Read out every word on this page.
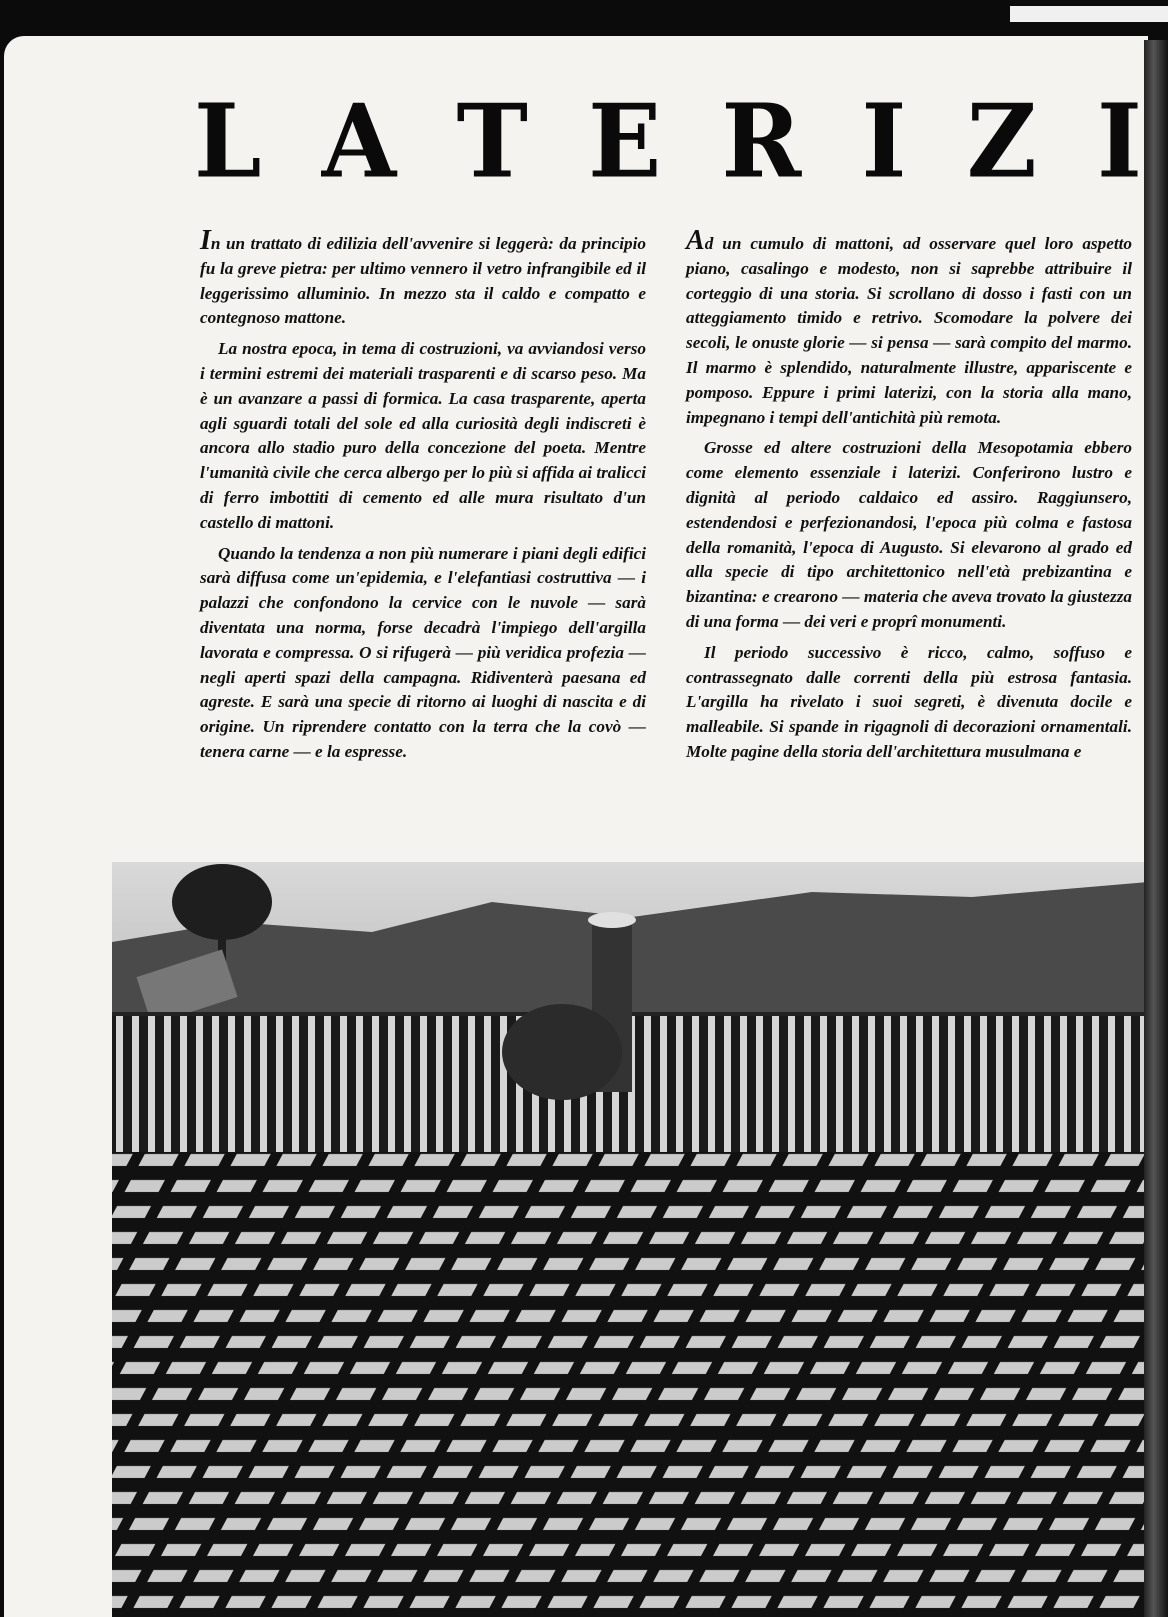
L A T E R I Z I

In un trattato di edilizia dell'avvenire si leggerà: da principio fu la greve pietra: per ultimo vennero il vetro infrangibile ed il leggerissimo alluminio. In mezzo sta il caldo e compatto e contegnoso mattone.

La nostra epoca, in tema di costruzioni, va avviandosi verso i termini estremi dei materiali trasparenti e di scarso peso. Ma è un avanzare a passi di formica. La casa trasparente, aperta agli sguardi totali del sole ed alla curiosità degli indiscreti è ancora allo stadio puro della concezione del poeta. Mentre l'umanità civile che cerca albergo per lo più si affida ai tralicci di ferro imbottiti di cemento ed alle mura risultato d'un castello di mattoni.

Quando la tendenza a non più numerare i piani degli edifici sarà diffusa come un'epidemia, e l'elefantiasi costruttiva — i palazzi che confondono la cervice con le nuvole — sarà diventata una norma, forse decadrà l'impiego dell'argilla lavorata e compressa. O si rifugerà — più veridica profezia — negli aperti spazi della campagna. Ridiventerà paesana ed agreste. E sarà una specie di ritorno ai luoghi di nascita e di origine. Un riprendere contatto con la terra che la covò — tenera carne — e la espresse.

Ad un cumulo di mattoni, ad osservare quel loro aspetto piano, casalingo e modesto, non si saprebbe attribuire il corteggio di una storia. Si scrollano di dosso i fasti con un atteggiamento timido e retrivo. Scomodare la polvere dei secoli, le onuste glorie — si pensa — sarà compito del marmo. Il marmo è splendido, naturalmente illustre, appariscente e pomposo. Eppure i primi laterizi, con la storia alla mano, impegnano i tempi dell'antichità più remota.

Grosse ed altere costruzioni della Mesopotamia ebbero come elemento essenziale i laterizi. Conferirono lustro e dignità al periodo caldaico ed assiro. Raggiunsero, estendendosi e perfezionandosi, l'epoca più colma e fastosa della romanità, l'epoca di Augusto. Si elevarono al grado ed alla specie di tipo architettonico nell'età prebizantina e bizantina: e crearono — materia che aveva trovato la giustezza di una forma — dei veri e proprî monumenti.

Il periodo successivo è ricco, calmo, soffuso e contrassegnato dalle correnti della più estrosa fantasia. L'argilla ha rivelato i suoi segreti, è divenuta docile e malleabile. Si spande in rigagnoli di decorazioni ornamentali. Molte pagine della storia dell'architettura musulmana e
